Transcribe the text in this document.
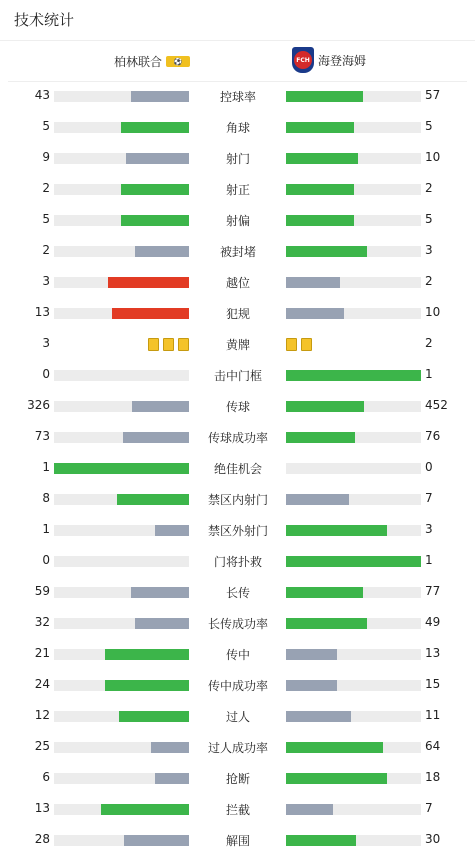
技术统计
柏林联合	⚽	FCH 海登海姆
43	控球率	57
5	角球	5
9	射门	10
2	射正	2
5	射偏	5
2	被封堵	3
3	越位	2
13	犯规	10
3	黄牌	2
0	击中门框	1
326	传球	452
73	传球成功率	76
1	绝佳机会	0
8	禁区内射门	7
1	禁区外射门	3
0	门将扑救	1
59	长传	77
32	长传成功率	49
21	传中	13
24	传中成功率	15
12	过人	11
25	过人成功率	64
6	抢断	18
13	拦截	7
28	解围	30
